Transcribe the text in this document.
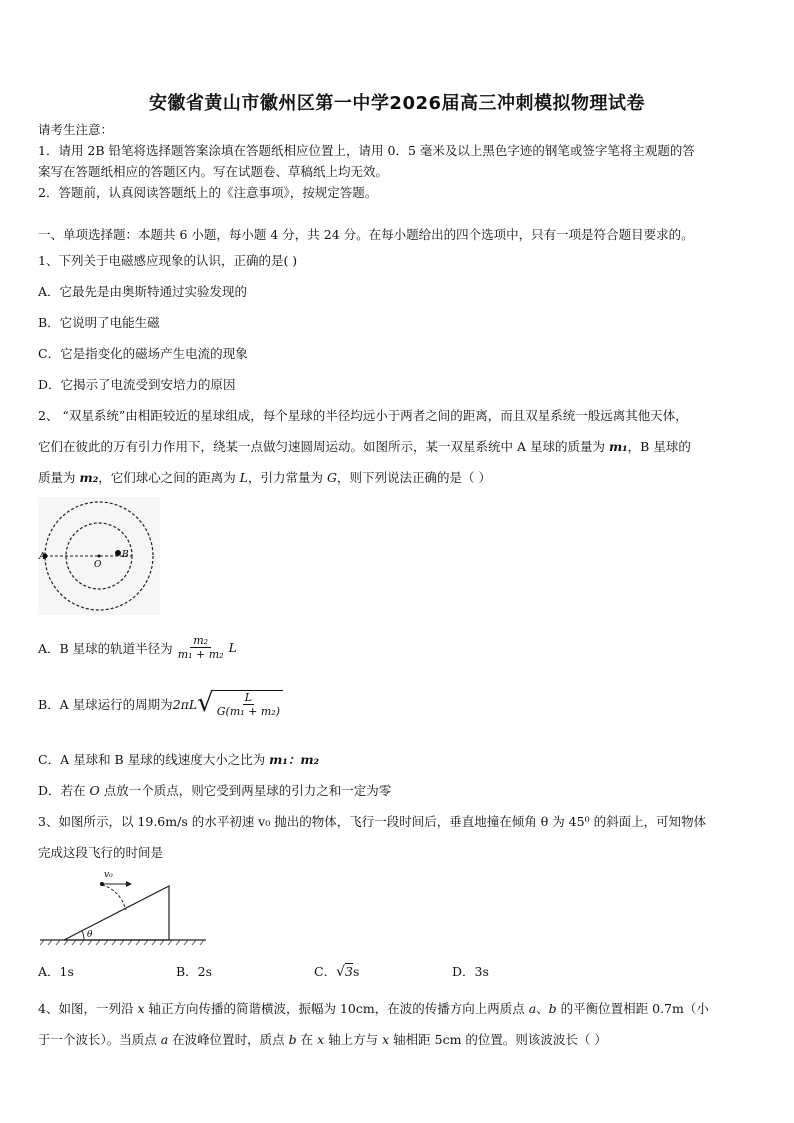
安徽省黄山市徽州区第一中学2026届高三冲刺模拟物理试卷
请考生注意：
1．请用 2B 铅笔将选择题答案涂填在答题纸相应位置上，请用 0．5 毫米及以上黑色字迹的钢笔或签字笔将主观题的答
案写在答题纸相应的答题区内。写在试题卷、草稿纸上均无效。
2．答题前，认真阅读答题纸上的《注意事项》，按规定答题。
一、单项选择题：本题共 6 小题，每小题 4 分，共 24 分。在每小题给出的四个选项中，只有一项是符合题目要求的。
1、下列关于电磁感应现象的认识，正确的是( )
A．它最先是由奥斯特通过实验发现的
B．它说明了电能生磁
C．它是指变化的磁场产生电流的现象
D．它揭示了电流受到安培力的原因
2、 “双星系统”由相距较近的星球组成，每个星球的半径均远小于两者之间的距离，而且双星系统一般远离其他天体，
它们在彼此的万有引力作用下，绕某一点做匀速圆周运动。如图所示，某一双星系统中 A 星球的质量为 m₁，B 星球的
质量为 m₂，它们球心之间的距离为 L，引力常量为 G，则下列说法正确的是（ ）
A
O
B
A．B 星球的轨道半径为 $\frac{\text{m₂}}{\text{m₁ + m₂}}$ L
B．A 星球运行的周期为 2πL √	L
G(m₁ + m₂)
C．A 星球和 B 星球的线速度大小之比为 m₁：m₂
D．若在 O 点放一个质点，则它受到两星球的引力之和一定为零
3、如图所示，以 19.6m/s 的水平初速 v₀ 抛出的物体，飞行一段时间后，垂直地撞在倾角 θ 为 45⁰ 的斜面上，可知物体
完成这段飞行的时间是
v₀
θ
A．1s	B．2s	C．√3s	D．3s
4、如图，一列沿 x 轴正方向传播的简谐横波，振幅为 10cm，在波的传播方向上两质点 a、b 的平衡位置相距 0.7m（小
于一个波长）。当质点 a 在波峰位置时，质点 b 在 x 轴上方与 x 轴相距 5cm 的位置。则该波波长（ ）
